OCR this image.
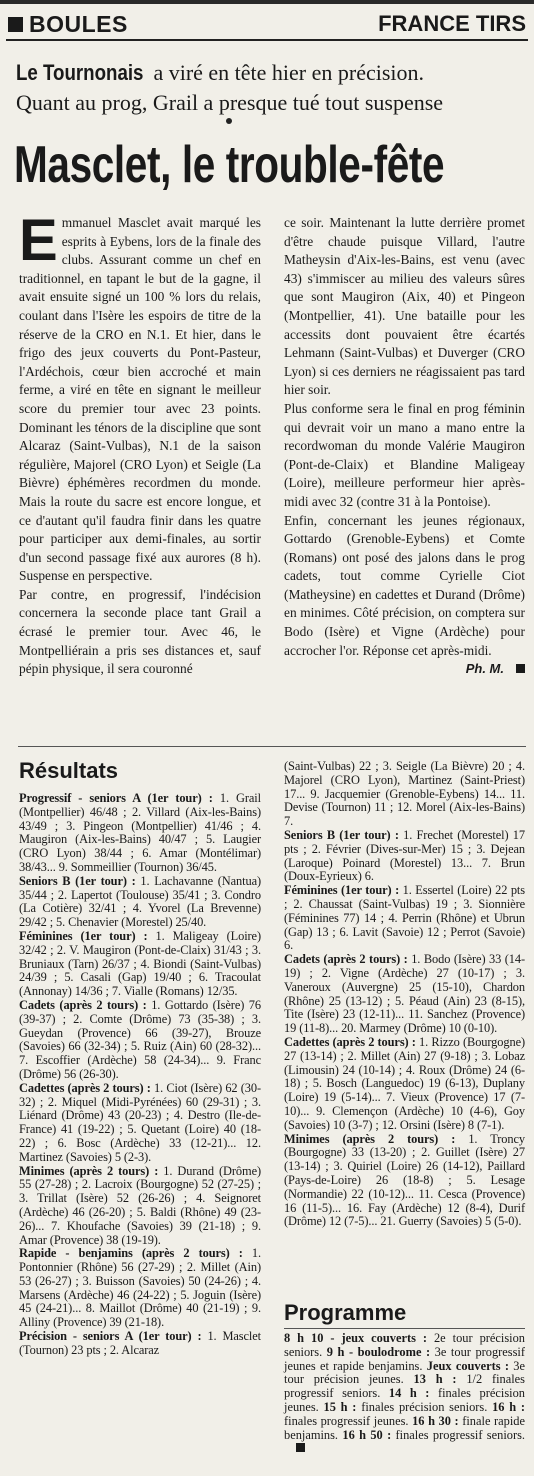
BOULES	FRANCE TIRS
Le Tournonais a viré en tête hier en précision.
Quant au prog, Grail a presque tué tout suspense
Masclet, le trouble-fête

Emmanuel Masclet avait marqué les esprits à Eybens, lors de la finale des clubs. Assurant comme un chef en traditionnel, en tapant le but de la gagne, il avait ensuite signé un 100 % lors du relais, coulant dans l'Isère les espoirs de titre de la réserve de la CRO en N.1. Et hier, dans le frigo des jeux couverts du Pont-Pasteur, l'Ardéchois, cœur bien accroché et main ferme, a viré en tête en signant le meilleur score du premier tour avec 23 points. Dominant les ténors de la discipline que sont Alcaraz (Saint-Vulbas), N.1 de la saison régulière, Majorel (CRO Lyon) et Seigle (La Bièvre) éphémères recordmen du monde. Mais la route du sacre est encore longue, et ce d'autant qu'il faudra finir dans les quatre pour participer aux demi-finales, au sortir d'un second passage fixé aux aurores (8 h). Suspense en perspective.

Par contre, en progressif, l'indécision concernera la seconde place tant Grail a écrasé le premier tour. Avec 46, le Montpelliérain a pris ses distances et, sauf pépin physique, il sera couronné

ce soir. Maintenant la lutte derrière promet d'être chaude puisque Villard, l'autre Matheysin d'Aix-les-Bains, est venu (avec 43) s'immiscer au milieu des valeurs sûres que sont Maugiron (Aix, 40) et Pingeon (Montpellier, 41). Une bataille pour les accessits dont pouvaient être écartés Lehmann (Saint-Vulbas) et Duverger (CRO Lyon) si ces derniers ne réagissaient pas tard hier soir.

Plus conforme sera le final en prog féminin qui devrait voir un mano a mano entre la recordwoman du monde Valérie Maugiron (Pont-de-Claix) et Blandine Maligeay (Loire), meilleure performeur hier après-midi avec 32 (contre 31 à la Pontoise).

Enfin, concernant les jeunes régionaux, Gottardo (Grenoble-Eybens) et Comte (Romans) ont posé des jalons dans le prog cadets, tout comme Cyrielle Ciot (Matheysine) en cadettes et Durand (Drôme) en minimes. Côté précision, on comptera sur Bodo (Isère) et Vigne (Ardèche) pour accrocher l'or. Réponse cet après-midi.

Ph. M.
Résultats

Progressif - seniors A (1er tour) : 1. Grail (Montpellier) 46/48 ; 2. Villard (Aix-les-Bains) 43/49 ; 3. Pingeon (Montpellier) 41/46 ; 4. Maugiron (Aix-les-Bains) 40/47 ; 5. Laugier (CRO Lyon) 38/44 ; 6. Amar (Montélimar) 38/43... 9. Sommeillier (Tournon) 36/45.

Seniors B (1er tour) : 1. Lachavanne (Nantua) 35/44 ; 2. Lapertot (Toulouse) 35/41 ; 3. Condro (La Cotière) 32/41 ; 4. Yvorel (La Brevenne) 29/42 ; 5. Chenavier (Morestel) 25/40.

Féminines (1er tour) : 1. Maligeay (Loire) 32/42 ; 2. V. Maugiron (Pont-de-Claix) 31/43 ; 3. Bruniaux (Tarn) 26/37 ; 4. Biondi (Saint-Vulbas) 24/39 ; 5. Casali (Gap) 19/40 ; 6. Tracoulat (Annonay) 14/36 ; 7. Vialle (Romans) 12/35.

Cadets (après 2 tours) : 1. Gottardo (Isère) 76 (39-37) ; 2. Comte (Drôme) 73 (35-38) ; 3. Gueydan (Provence) 66 (39-27), Brouze (Savoies) 66 (32-34) ; 5. Ruiz (Ain) 60 (28-32)... 7. Escoffier (Ardèche) 58 (24-34)... 9. Franc (Drôme) 56 (26-30).

Cadettes (après 2 tours) : 1. Ciot (Isère) 62 (30-32) ; 2. Miquel (Midi-Pyrénées) 60 (29-31) ; 3. Liénard (Drôme) 43 (20-23) ; 4. Destro (Ile-de-France) 41 (19-22) ; 5. Quetant (Loire) 40 (18-22) ; 6. Bosc (Ardèche) 33 (12-21)... 12. Martinez (Savoies) 5 (2-3).

Minimes (après 2 tours) : 1. Durand (Drôme) 55 (27-28) ; 2. Lacroix (Bourgogne) 52 (27-25) ; 3. Trillat (Isère) 52 (26-26) ; 4. Seignoret (Ardèche) 46 (26-20) ; 5. Baldi (Rhône) 49 (23-26)... 7. Khoufache (Savoies) 39 (21-18) ; 9. Amar (Provence) 38 (19-19).

Rapide - benjamins (après 2 tours) : 1. Pontonnier (Rhône) 56 (27-29) ; 2. Millet (Ain) 53 (26-27) ; 3. Buisson (Savoies) 50 (24-26) ; 4. Marsens (Ardèche) 46 (24-22) ; 5. Joguin (Isère) 45 (24-21)... 8. Maillot (Drôme) 40 (21-19) ; 9. Alliny (Provence) 39 (21-18).

Précision - seniors A (1er tour) : 1. Masclet (Tournon) 23 pts ; 2. Alcaraz

(Saint-Vulbas) 22 ; 3. Seigle (La Bièvre) 20 ; 4. Majorel (CRO Lyon), Martinez (Saint-Priest) 17... 9. Jacquemier (Grenoble-Eybens) 14... 11. Devise (Tournon) 11 ; 12. Morel (Aix-les-Bains) 7.

Seniors B (1er tour) : 1. Frechet (Morestel) 17 pts ; 2. Février (Dives-sur-Mer) 15 ; 3. Dejean (Laroque) Poinard (Morestel) 13... 7. Brun (Doux-Eyrieux) 6.

Féminines (1er tour) : 1. Essertel (Loire) 22 pts ; 2. Chaussat (Saint-Vulbas) 19 ; 3. Sionnière (Féminines 77) 14 ; 4. Perrin (Rhône) et Ubrun (Gap) 13 ; 6. Lavit (Savoie) 12 ; Perrot (Savoie) 6.

Cadets (après 2 tours) : 1. Bodo (Isère) 33 (14-19) ; 2. Vigne (Ardèche) 27 (10-17) ; 3. Vaneroux (Auvergne) 25 (15-10), Chardon (Rhône) 25 (13-12) ; 5. Péaud (Ain) 23 (8-15), Tite (Isère) 23 (12-11)... 11. Sanchez (Provence) 19 (11-8)... 20. Marmey (Drôme) 10 (0-10).

Cadettes (après 2 tours) : 1. Rizzo (Bourgogne) 27 (13-14) ; 2. Millet (Ain) 27 (9-18) ; 3. Lobaz (Limousin) 24 (10-14) ; 4. Roux (Drôme) 24 (6-18) ; 5. Bosch (Languedoc) 19 (6-13), Duplany (Loire) 19 (5-14)... 7. Vieux (Provence) 17 (7-10)... 9. Clemençon (Ardèche) 10 (4-6), Goy (Savoies) 10 (3-7) ; 12. Orsini (Isère) 8 (7-1).

Minimes (après 2 tours) : 1. Troncy (Bourgogne) 33 (13-20) ; 2. Guillet (Isère) 27 (13-14) ; 3. Quiriel (Loire) 26 (14-12), Paillard (Pays-de-Loire) 26 (18-8) ; 5. Lesage (Normandie) 22 (10-12)... 11. Cesca (Provence) 16 (11-5)... 16. Fay (Ardèche) 12 (8-4), Durif (Drôme) 12 (7-5)... 21. Guerry (Savoies) 5 (5-0).

Programme

8 h 10 - jeux couverts : 2e tour précision seniors. 9 h - boulodrome : 3e tour progressif jeunes et rapide benjamins. Jeux couverts : 3e tour précision jeunes. 13 h : 1/2 finales progressif seniors. 14 h : finales précision jeunes. 15 h : finales précision seniors. 16 h : finales progressif jeunes. 16 h 30 : finale rapide benjamins. 16 h 50 : finales progressif seniors.
